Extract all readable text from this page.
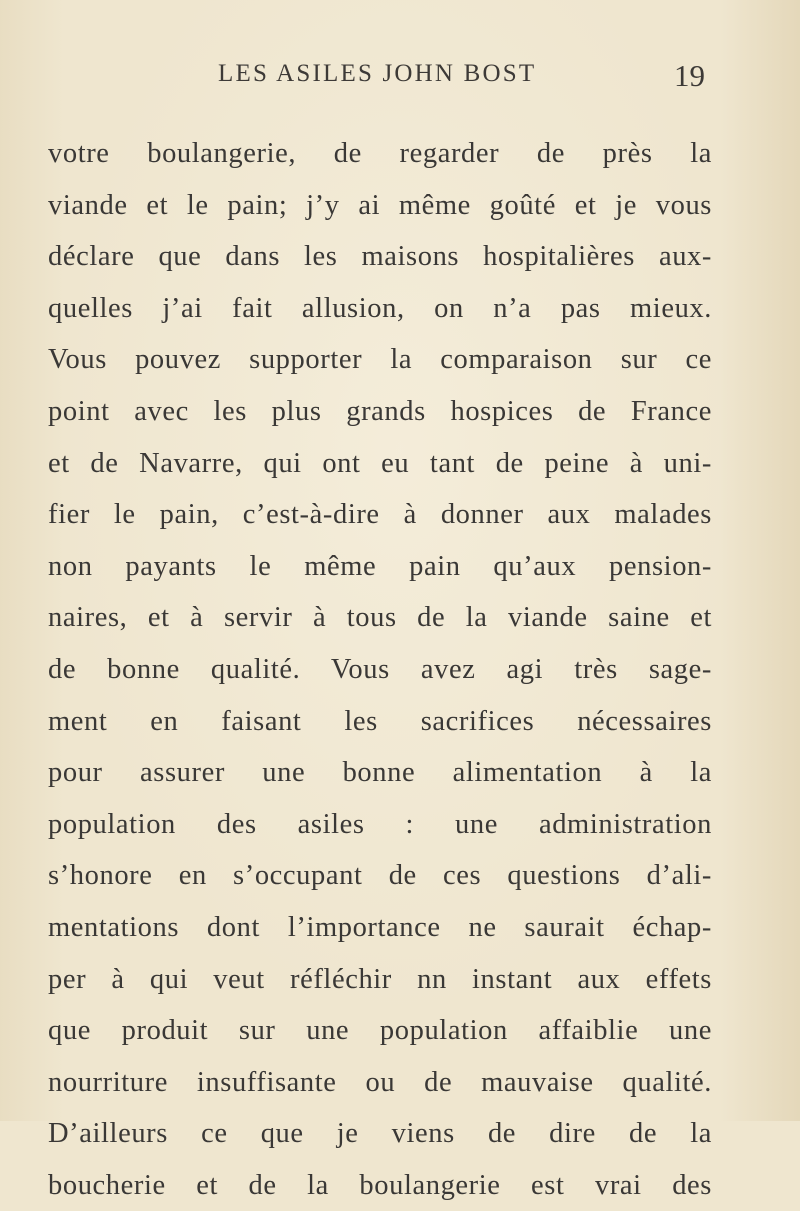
LES ASILES JOHN BOST	19
votre boulangerie, de regarder de près la
viande et le pain; j’y ai même goûté et je vous
déclare que dans les maisons hospitalières aux-
quelles j’ai fait allusion, on n’a pas mieux.
Vous pouvez supporter la comparaison sur ce
point avec les plus grands hospices de France
et de Navarre, qui ont eu tant de peine à uni-
fier le pain, c’est-à-dire à donner aux malades
non payants le même pain qu’aux pension-
naires, et à servir à tous de la viande saine et
de bonne qualité. Vous avez agi très sage-
ment en faisant les sacrifices nécessaires
pour assurer une bonne alimentation à la
population des asiles : une administration
s’honore en s’occupant de ces questions d’ali-
mentations dont l’importance ne saurait échap-
per à qui veut réfléchir nn instant aux effets
que produit sur une population affaiblie une
nourriture insuffisante ou de mauvaise qualité.
D’ailleurs ce que je viens de dire de la
boucherie et de la boulangerie est vrai des
